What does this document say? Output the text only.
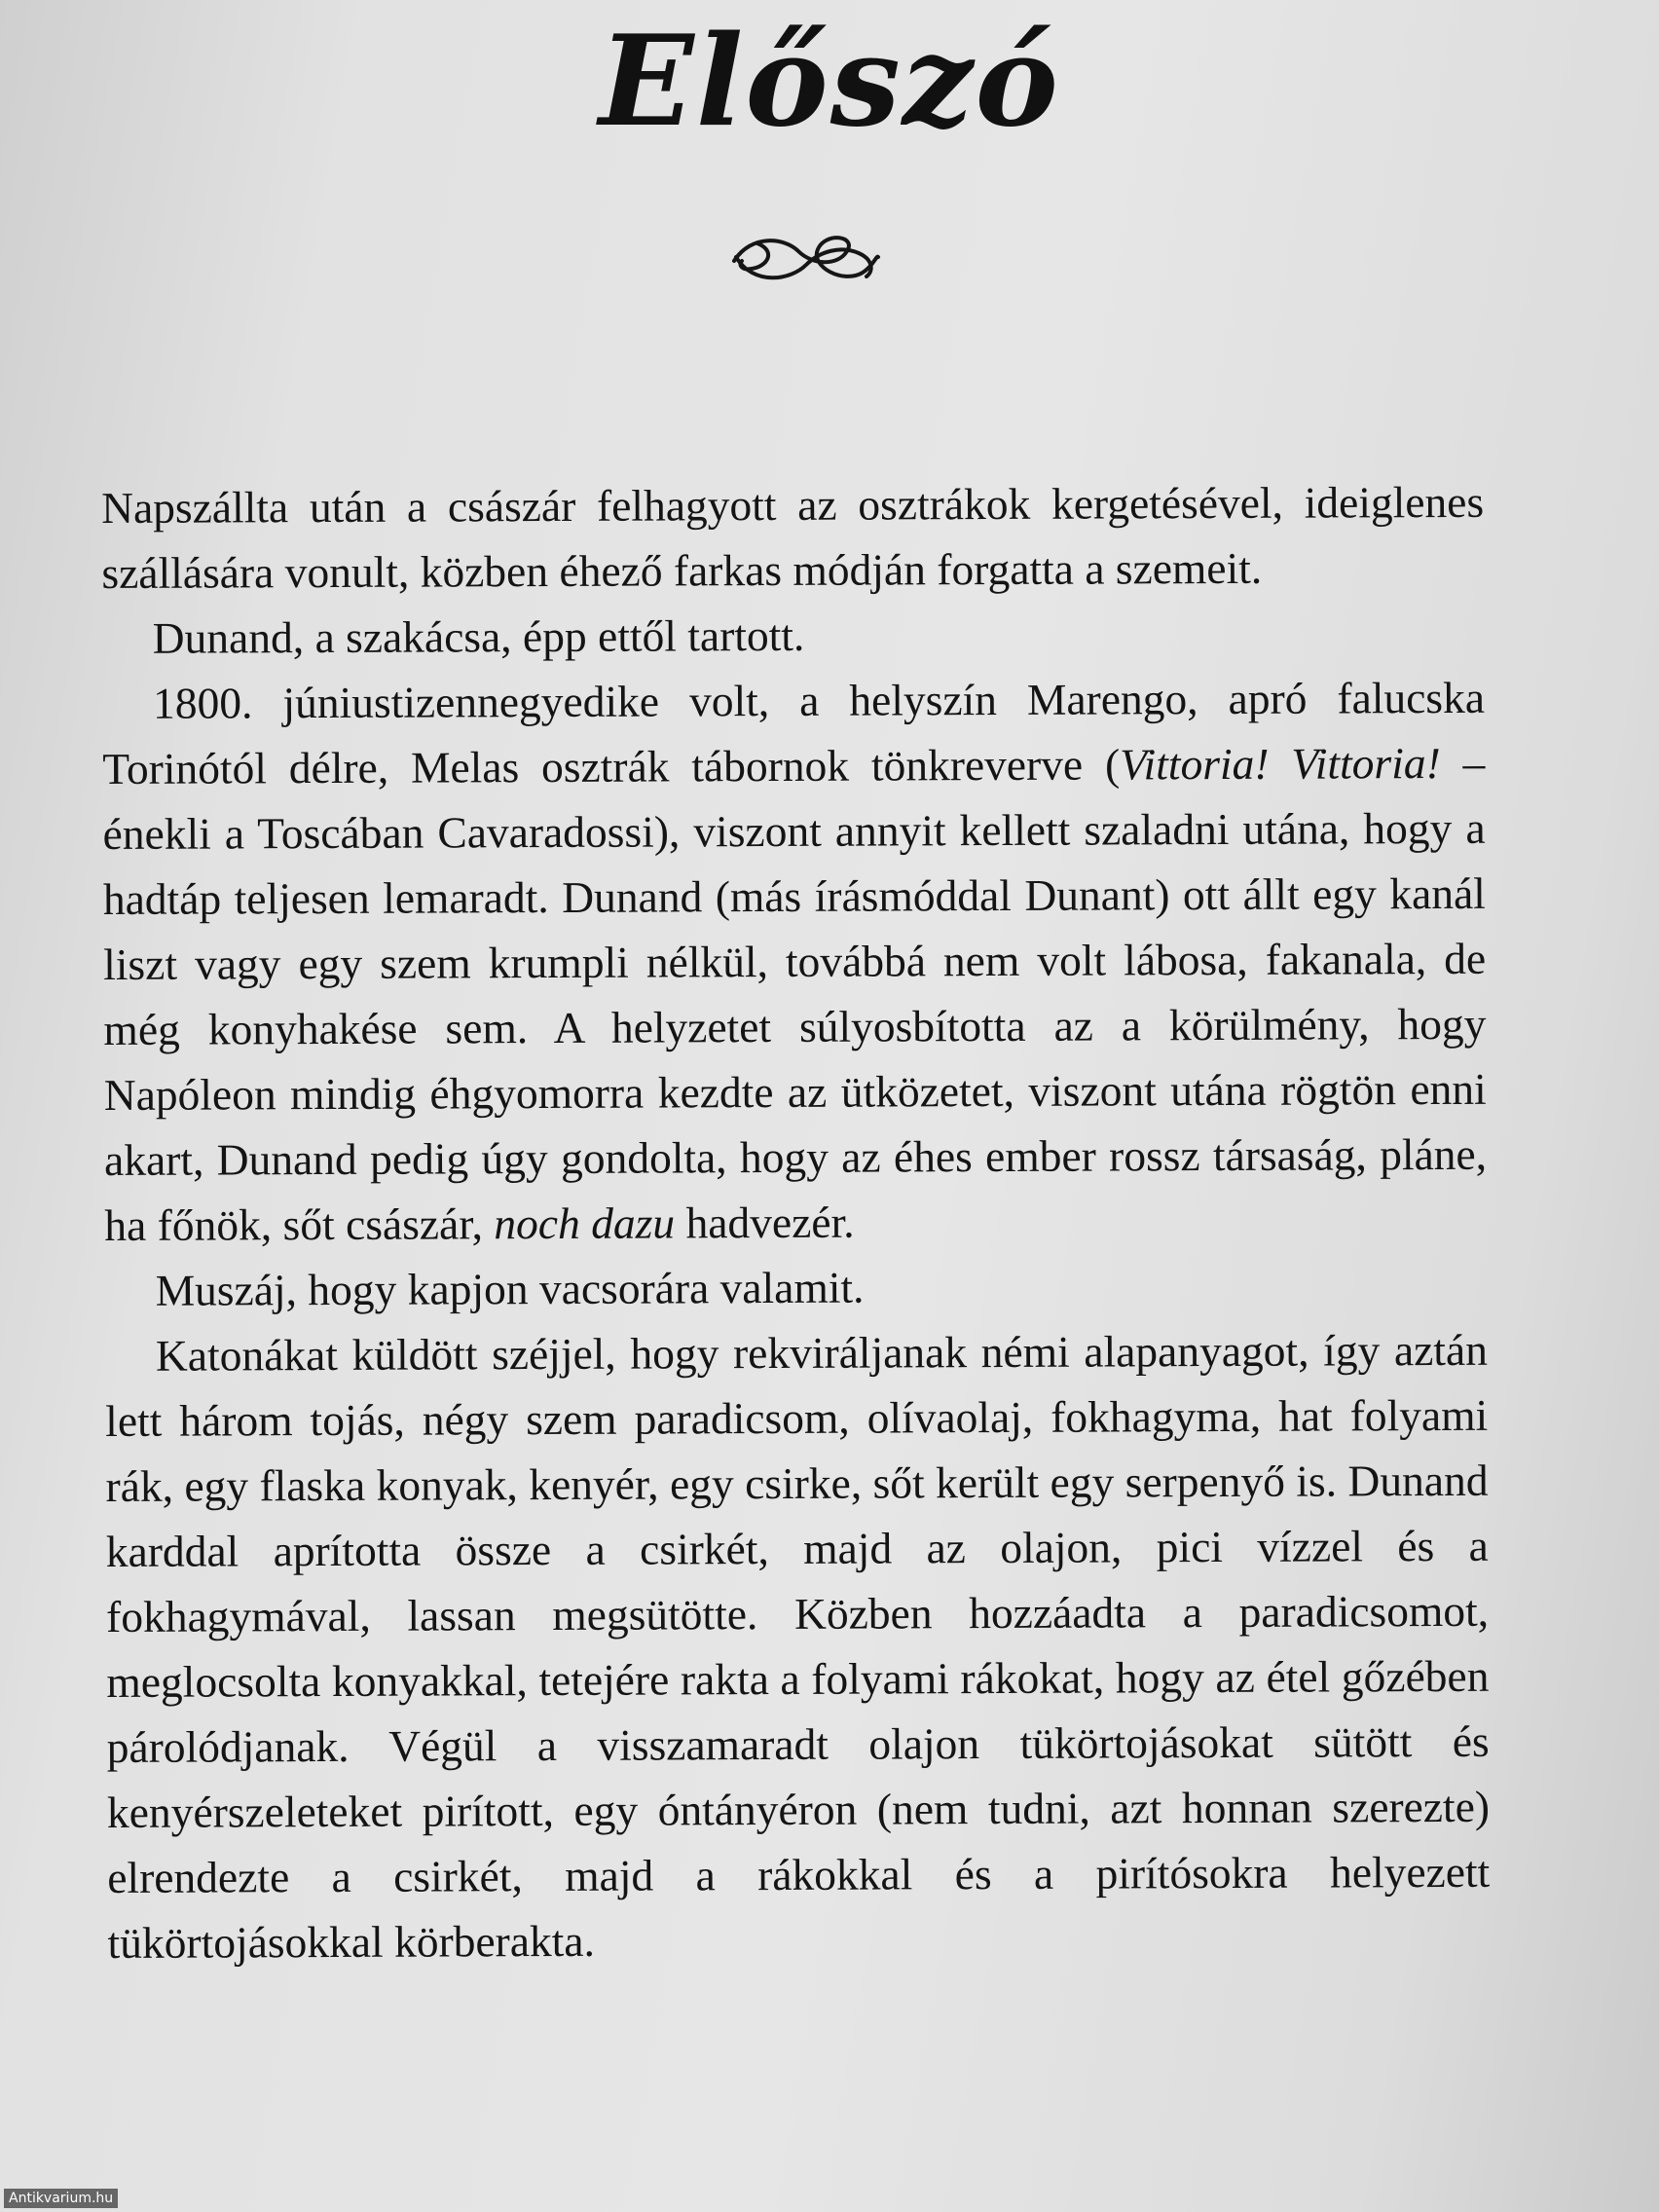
Előszó

Napszállta után a császár felhagyott az osztrákok kergetésével, ideiglenes szállására vonult, közben éhező farkas módján forgatta a szemeit.

Dunand, a szakácsa, épp ettől tartott.

1800. júniustizennegyedike volt, a helyszín Marengo, apró falucska Torinótól délre, Melas osztrák tábornok tönkreverve (Vittoria! Vittoria! – énekli a Toscában Cavaradossi), viszont annyit kellett szaladni utána, hogy a hadtáp teljesen lemaradt. Dunand (más írásmóddal Dunant) ott állt egy kanál liszt vagy egy szem krumpli nélkül, továbbá nem volt lábosa, fakanala, de még konyhakése sem. A helyzetet súlyosbította az a körülmény, hogy Napóleon mindig éhgyomorra kezdte az ütközetet, viszont utána rögtön enni akart, Dunand pedig úgy gondolta, hogy az éhes ember rossz társaság, pláne, ha főnök, sőt császár, noch dazu hadvezér.

Muszáj, hogy kapjon vacsorára valamit.

Katonákat küldött széjjel, hogy rekviráljanak némi alapanyagot, így aztán lett három tojás, négy szem paradicsom, olívaolaj, fokhagyma, hat folyami rák, egy flaska konyak, kenyér, egy csirke, sőt került egy serpenyő is. Dunand karddal aprította össze a csirkét, majd az olajon, pici vízzel és a fokhagymával, lassan megsütötte. Közben hozzáadta a paradicsomot, meglocsolta konyakkal, tetejére rakta a folyami rákokat, hogy az étel gőzében párolódjanak. Végül a visszamaradt olajon tükörtojásokat sütött és kenyérszeleteket pirított, egy óntányéron (nem tudni, azt honnan szerezte) elrendezte a csirkét, majd a rákokkal és a pirítósokra helyezett tükörtojásokkal körberakta.

Antikvarium.hu
